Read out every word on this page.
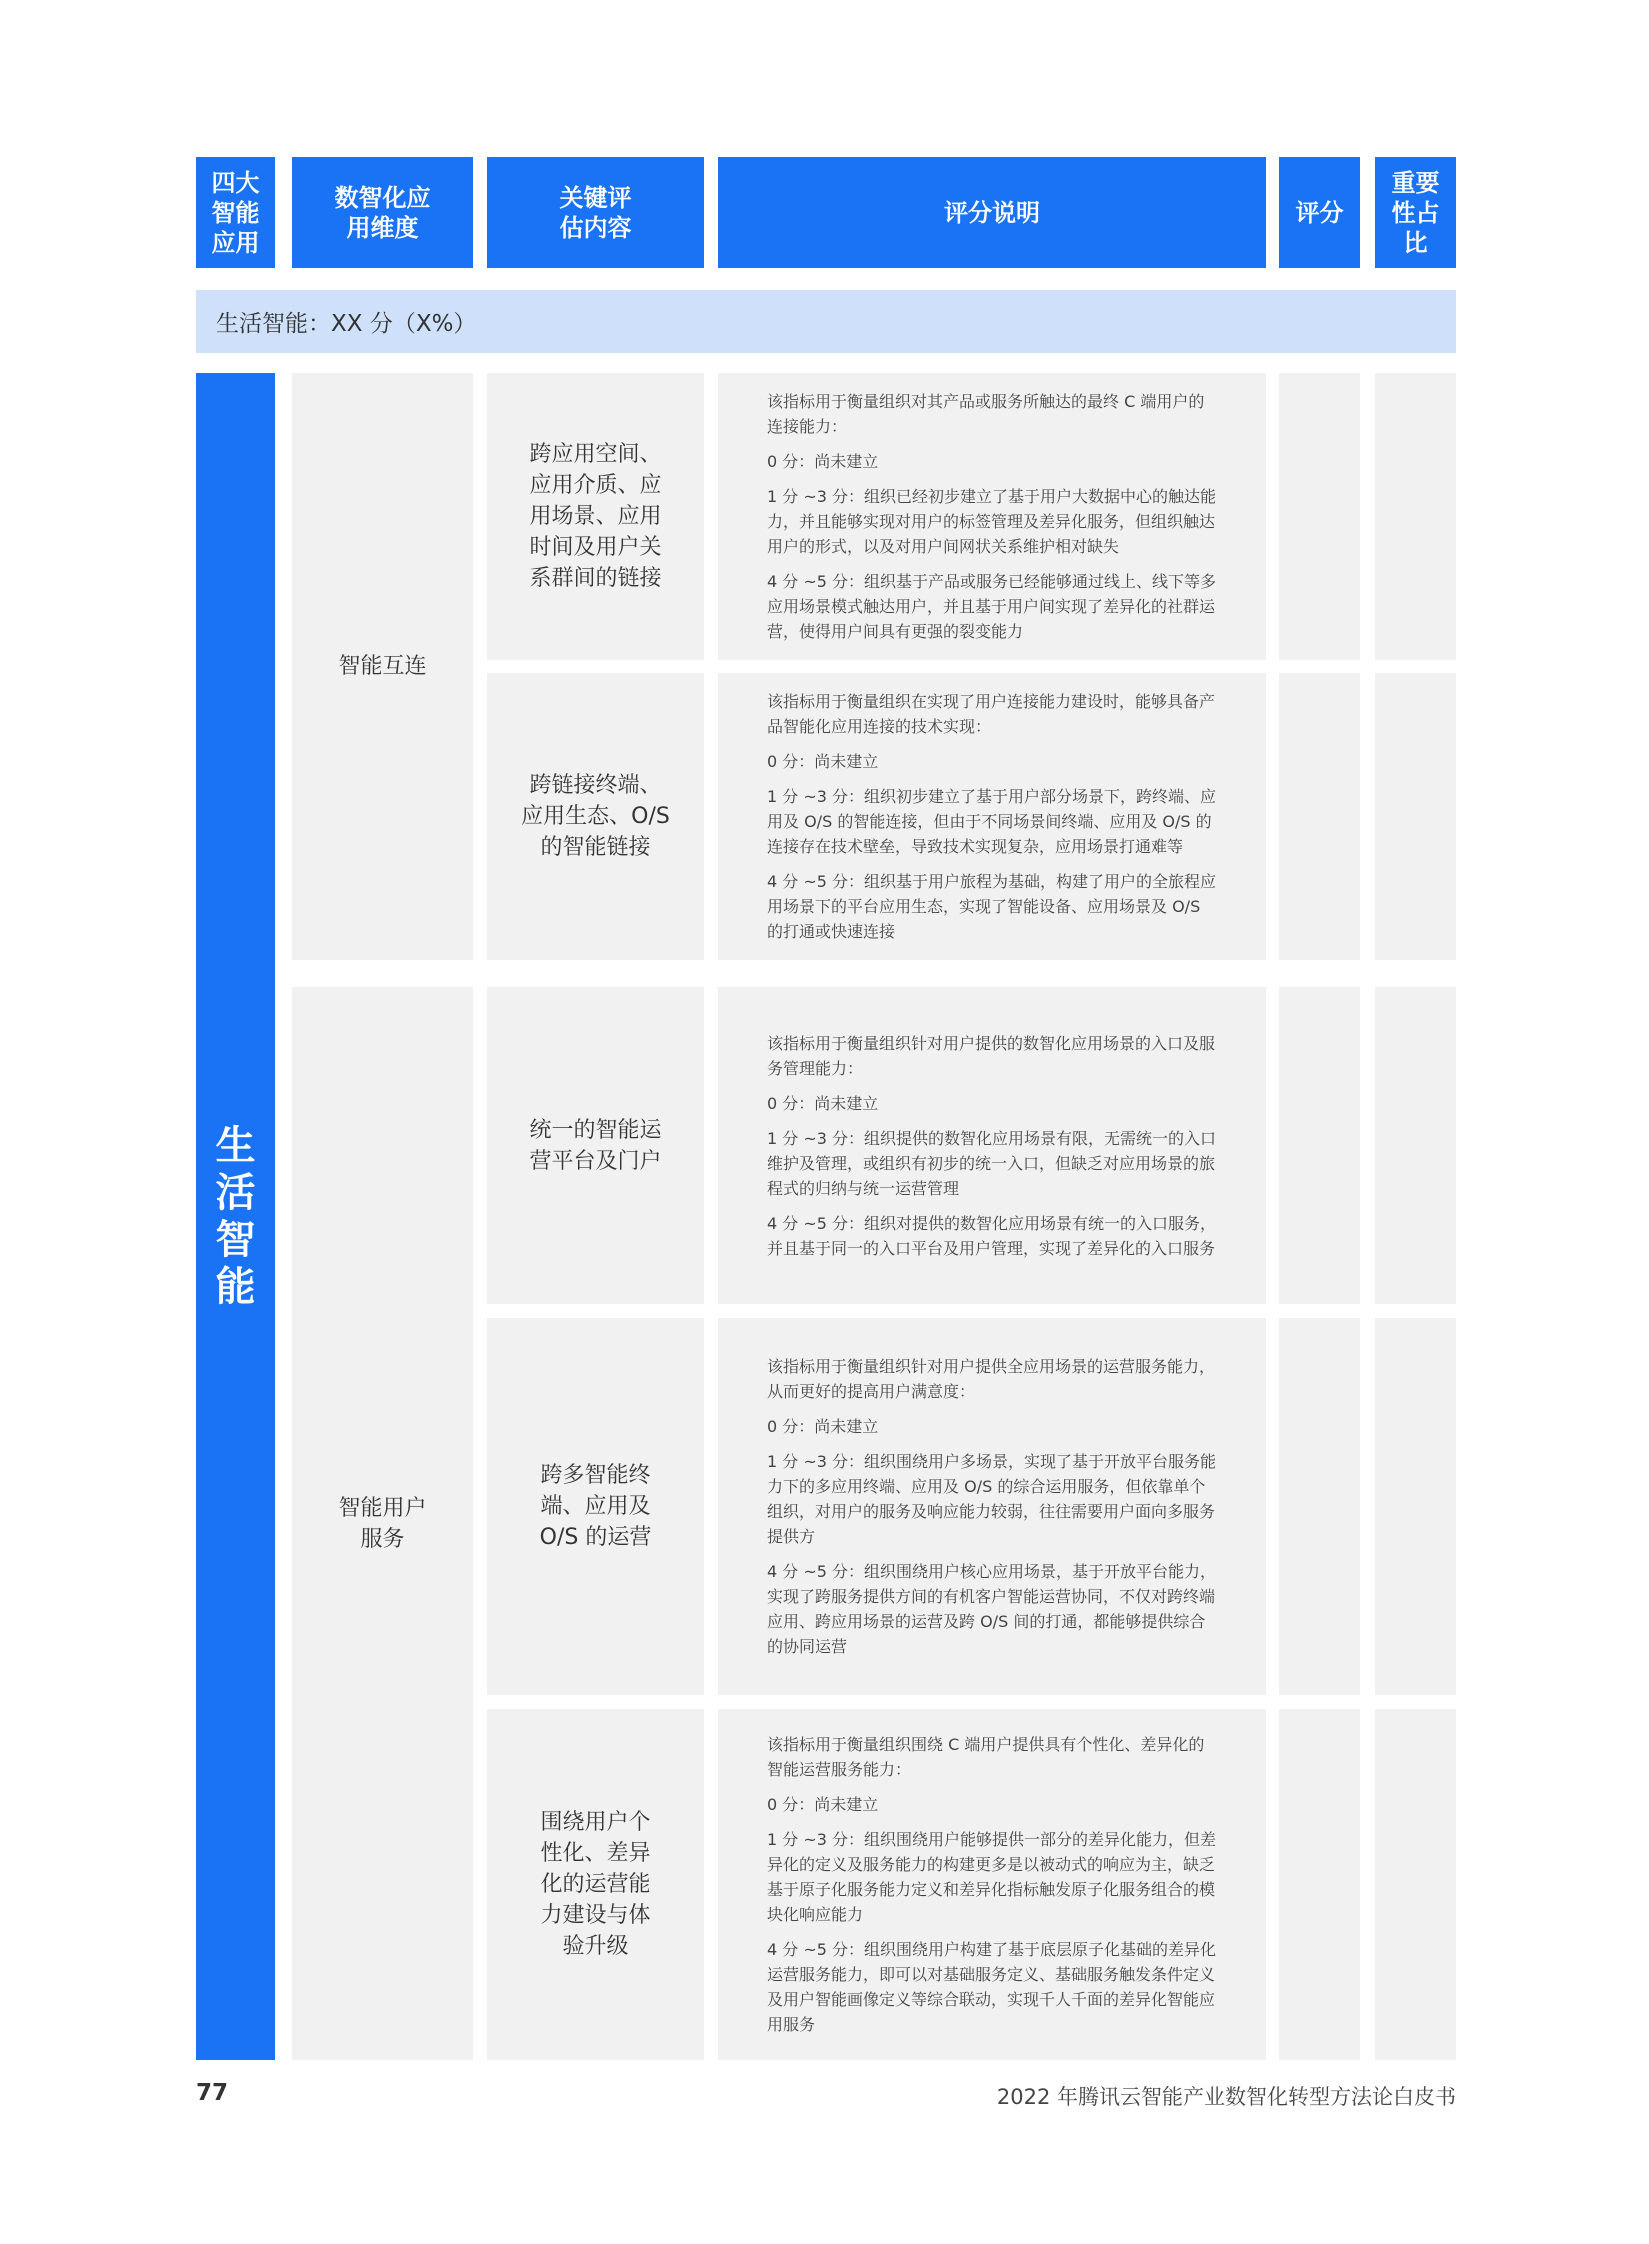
四大智能应用
数智化应用维度
关键评估内容
评分说明	评分
重要性占比
生活智能：XX 分（X%）
生活智能
智能互连
智能用户服务
跨应用空间、应用介质、应用场景、应用时间及用户关系群间的链接
跨链接终端、应用生态、O/S 的智能链接
统一的智能运营平台及门户
跨多智能终端、应用及 O/S 的运营
围绕用户个性化、差异化的运营能力建设与体验升级

该指标用于衡量组织对其产品或服务所触达的最终 C 端用户的连接能力：

0 分：尚未建立

1 分 ~3 分：组织已经初步建立了基于用户大数据中心的触达能力，并且能够实现对用户的标签管理及差异化服务，但组织触达用户的形式，以及对用户间网状关系维护相对缺失

4 分 ~5 分：组织基于产品或服务已经能够通过线上、线下等多应用场景模式触达用户，并且基于用户间实现了差异化的社群运营，使得用户间具有更强的裂变能力

该指标用于衡量组织在实现了用户连接能力建设时，能够具备产品智能化应用连接的技术实现：

0 分：尚未建立

1 分 ~3 分：组织初步建立了基于用户部分场景下，跨终端、应用及 O/S 的智能连接，但由于不同场景间终端、应用及 O/S 的连接存在技术壁垒，导致技术实现复杂，应用场景打通难等

4 分 ~5 分：组织基于用户旅程为基础，构建了用户的全旅程应用场景下的平台应用生态，实现了智能设备、应用场景及 O/S 的打通或快速连接

该指标用于衡量组织针对用户提供的数智化应用场景的入口及服务管理能力：

0 分：尚未建立

1 分 ~3 分：组织提供的数智化应用场景有限，无需统一的入口维护及管理，或组织有初步的统一入口，但缺乏对应用场景的旅程式的归纳与统一运营管理

4 分 ~5 分：组织对提供的数智化应用场景有统一的入口服务，并且基于同一的入口平台及用户管理，实现了差异化的入口服务

该指标用于衡量组织针对用户提供全应用场景的运营服务能力，从而更好的提高用户满意度：

0 分：尚未建立

1 分 ~3 分：组织围绕用户多场景，实现了基于开放平台服务能力下的多应用终端、应用及 O/S 的综合运用服务，但依靠单个组织，对用户的服务及响应能力较弱，往往需要用户面向多服务提供方

4 分 ~5 分：组织围绕用户核心应用场景，基于开放平台能力，实现了跨服务提供方间的有机客户智能运营协同，不仅对跨终端应用、跨应用场景的运营及跨 O/S 间的打通，都能够提供综合的协同运营

该指标用于衡量组织围绕 C 端用户提供具有个性化、差异化的智能运营服务能力：

0 分：尚未建立

1 分 ~3 分：组织围绕用户能够提供一部分的差异化能力，但差异化的定义及服务能力的构建更多是以被动式的响应为主，缺乏基于原子化服务能力定义和差异化指标触发原子化服务组合的模块化响应能力

4 分 ~5 分：组织围绕用户构建了基于底层原子化基础的差异化运营服务能力，即可以对基础服务定义、基础服务触发条件定义及用户智能画像定义等综合联动，实现千人千面的差异化智能应用服务

77	2022 年腾讯云智能产业数智化转型方法论白皮书
